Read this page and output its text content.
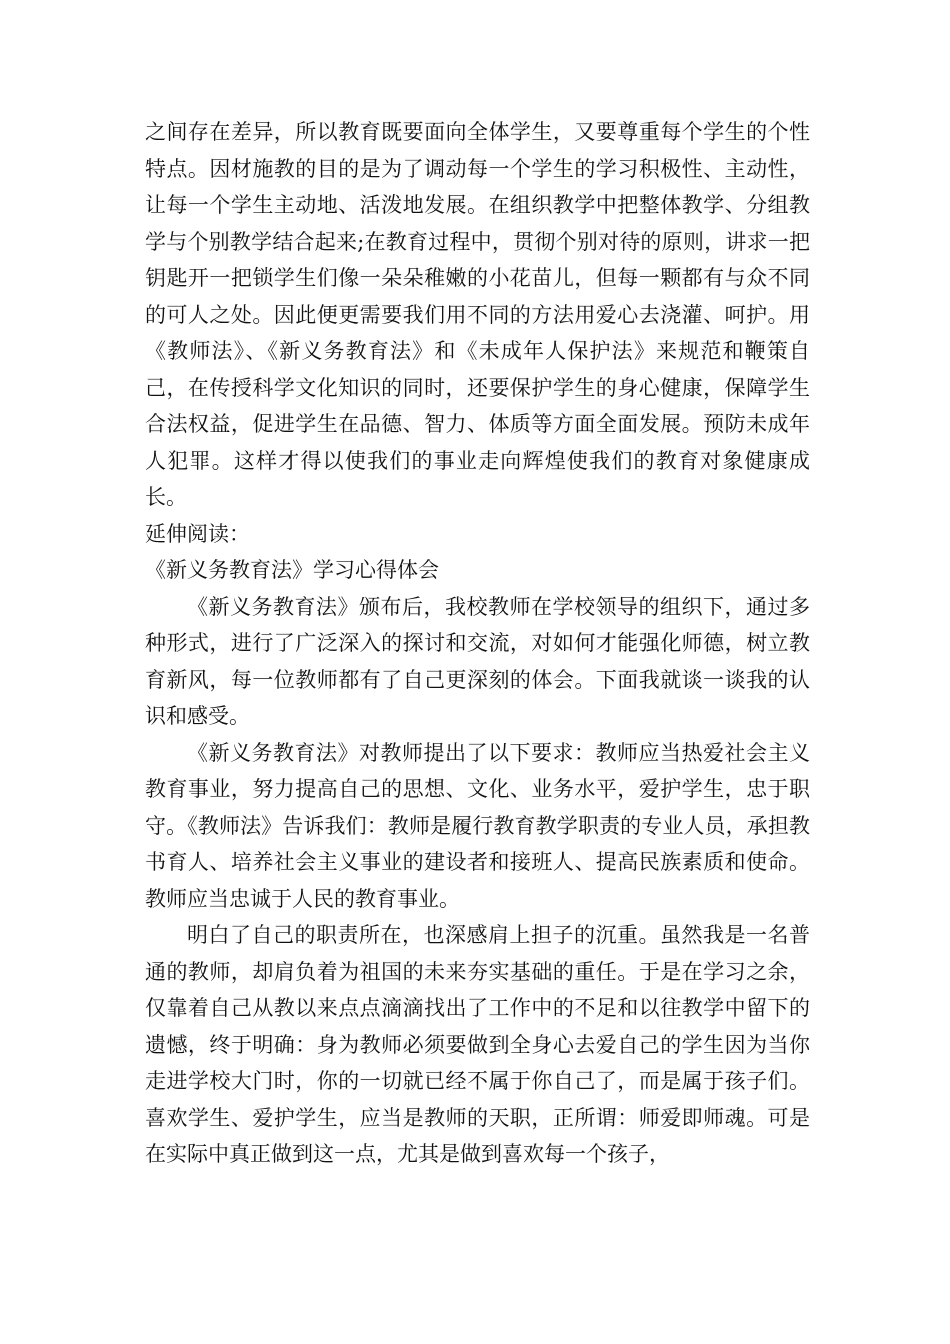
之间存在差异，所以教育既要面向全体学生，又要尊重每个学生的个性特点。因材施教的目的是为了调动每一个学生的学习积极性、主动性，让每一个学生主动地、活泼地发展。在组织教学中把整体教学、分组教学与个别教学结合起来;在教育过程中，贯彻个别对待的原则，讲求一把钥匙开一把锁学生们像一朵朵稚嫩的小花苗儿，但每一颗都有与众不同的可人之处。因此便更需要我们用不同的方法用爱心去浇灌、呵护。用《教师法》、《新义务教育法》和《未成年人保护法》来规范和鞭策自己，在传授科学文化知识的同时，还要保护学生的身心健康，保障学生合法权益，促进学生在品德、智力、体质等方面全面发展。预防未成年人犯罪。这样才得以使我们的事业走向辉煌使我们的教育对象健康成长。

延伸阅读：

《新义务教育法》学习心得体会

《新义务教育法》颁布后，我校教师在学校领导的组织下，通过多种形式，进行了广泛深入的探讨和交流，对如何才能强化师德，树立教育新风，每一位教师都有了自己更深刻的体会。下面我就谈一谈我的认识和感受。

《新义务教育法》对教师提出了以下要求：教师应当热爱社会主义教育事业，努力提高自己的思想、文化、业务水平，爱护学生，忠于职守。《教师法》告诉我们：教师是履行教育教学职责的专业人员，承担教书育人、培养社会主义事业的建设者和接班人、提高民族素质和使命。教师应当忠诚于人民的教育事业。

明白了自己的职责所在，也深感肩上担子的沉重。虽然我是一名普通的教师，却肩负着为祖国的未来夯实基础的重任。于是在学习之余，仅靠着自己从教以来点点滴滴找出了工作中的不足和以往教学中留下的遗憾，终于明确：身为教师必须要做到全身心去爱自己的学生因为当你走进学校大门时，你的一切就已经不属于你自己了，而是属于孩子们。喜欢学生、爱护学生，应当是教师的天职，正所谓：师爱即师魂。可是在实际中真正做到这一点，尤其是做到喜欢每一个孩子，
